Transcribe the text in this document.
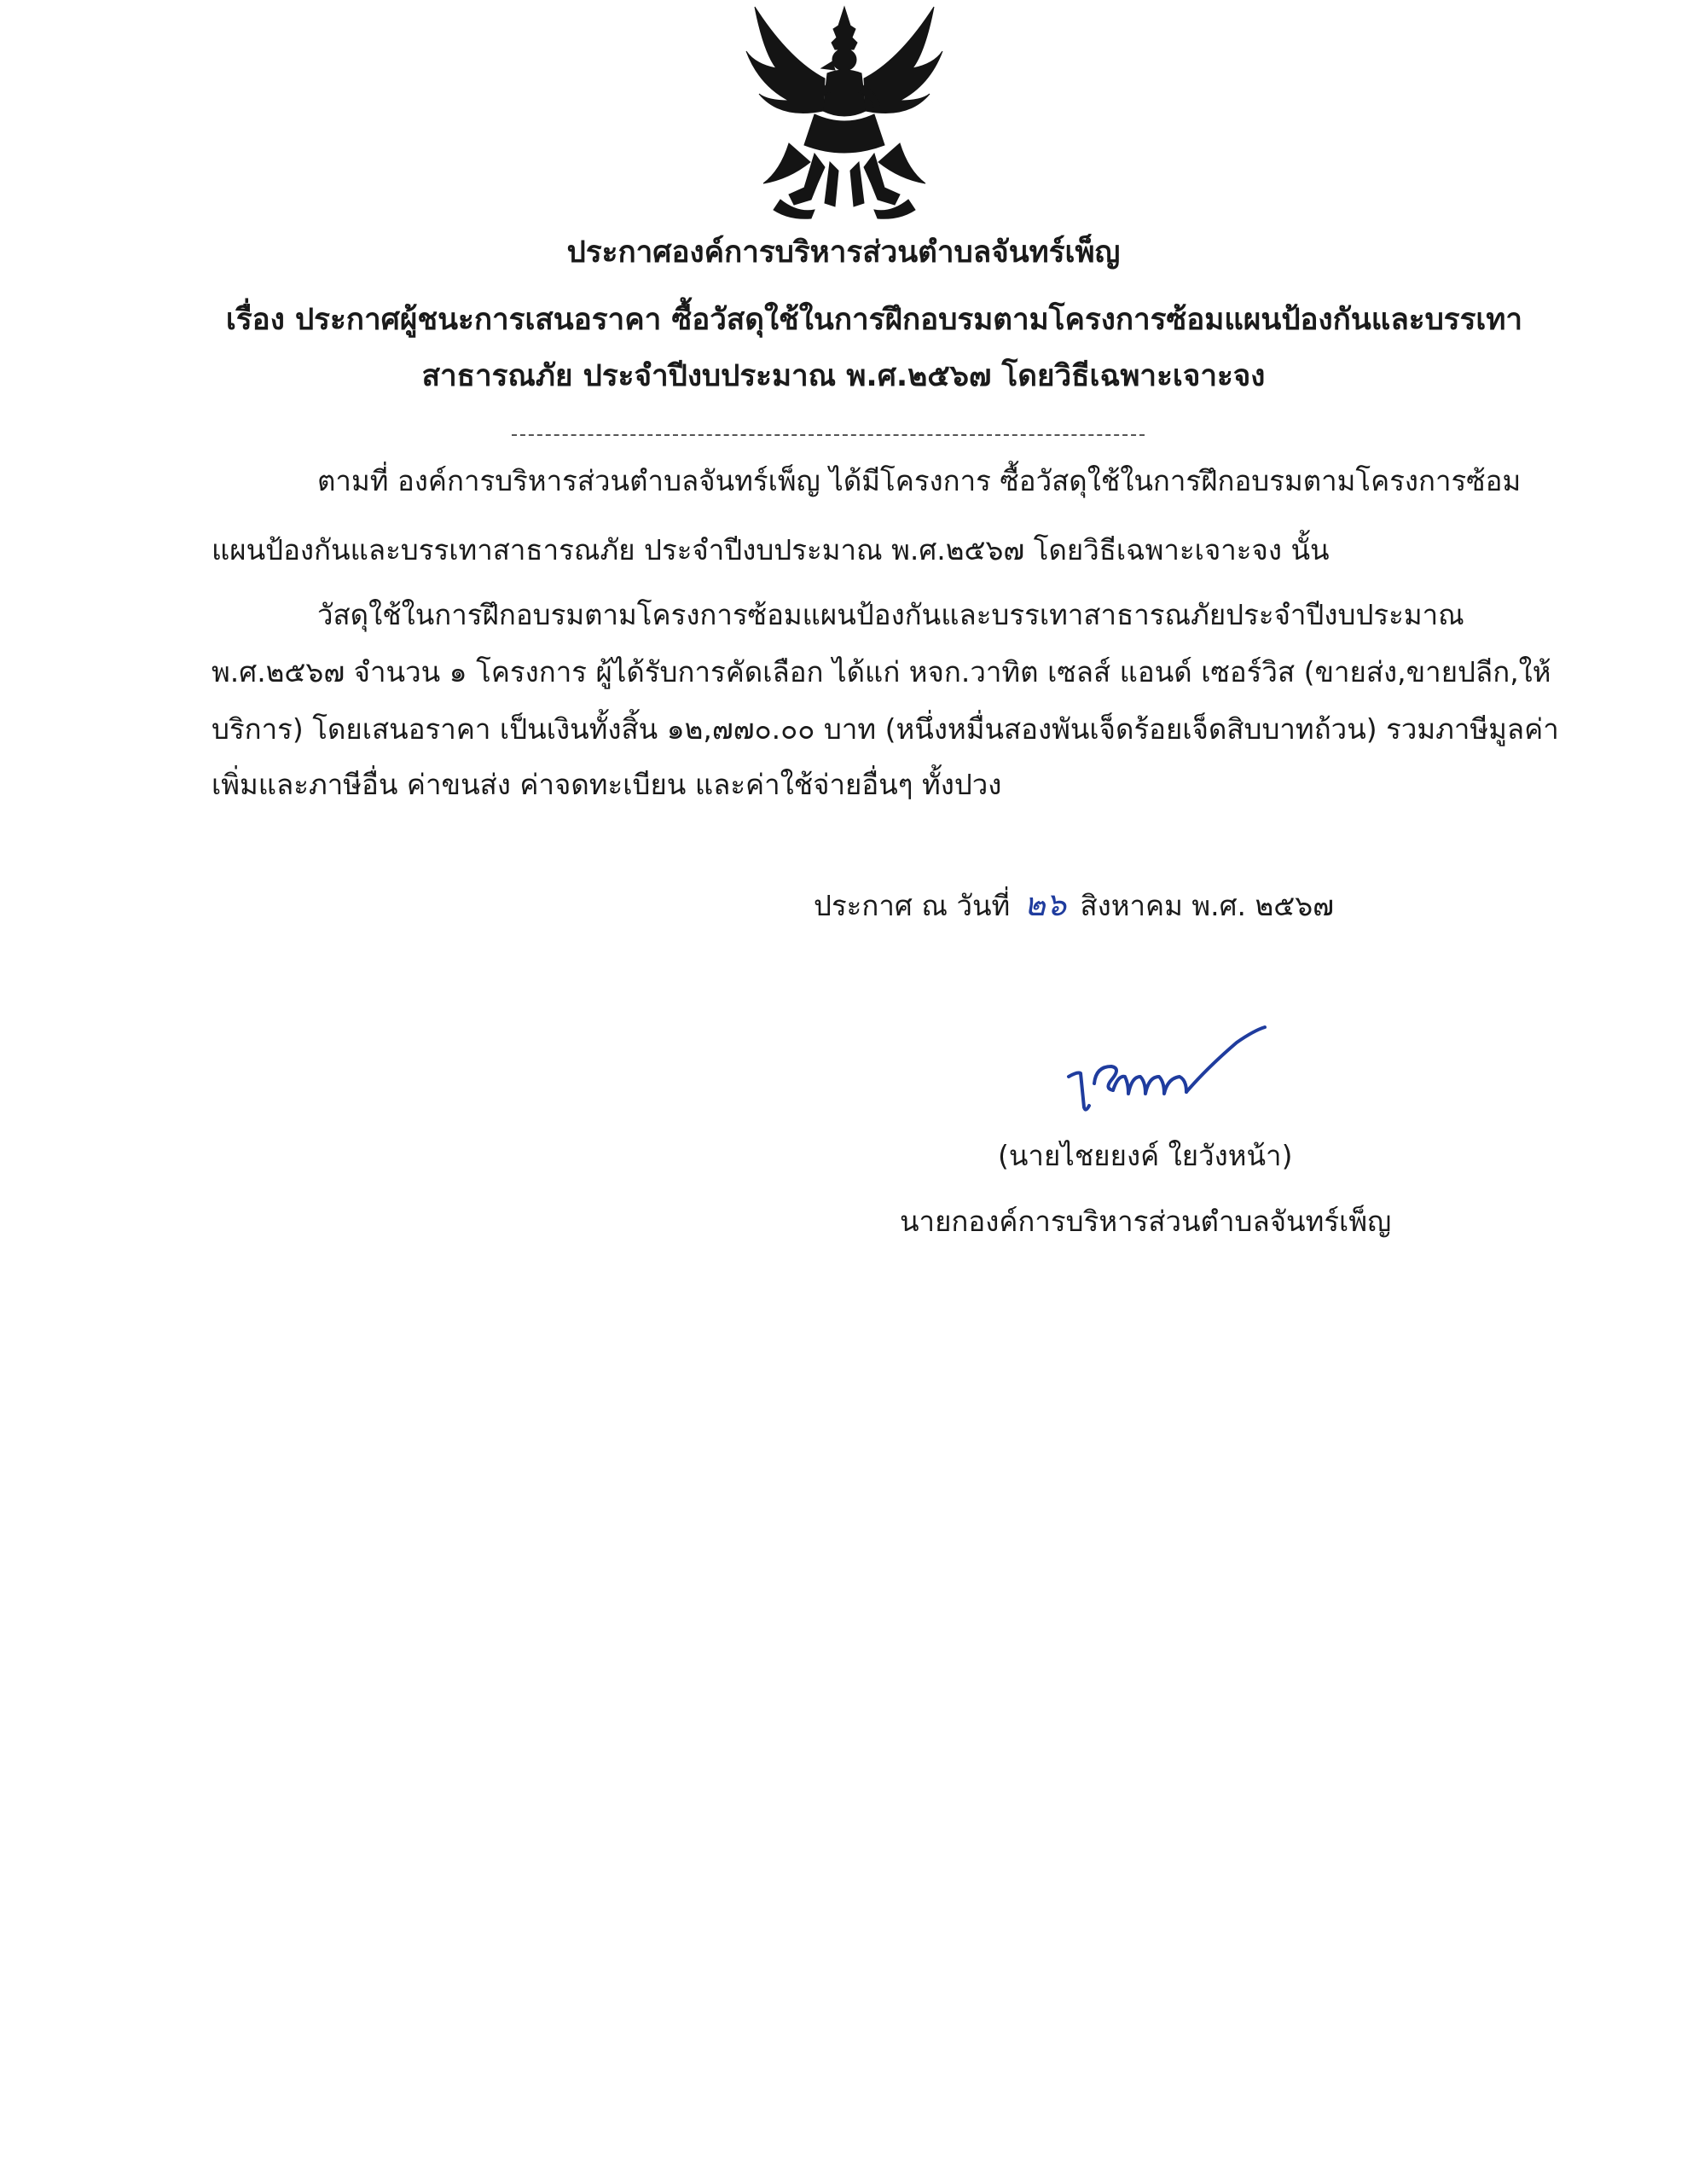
ประกาศองค์การบริหารส่วนตำบลจันทร์เพ็ญ
เรื่อง ประกาศผู้ชนะการเสนอราคา ซื้อวัสดุใช้ในการฝึกอบรมตามโครงการซ้อมแผนป้องกันและบรรเทา
สาธารณภัย ประจำปีงบประมาณ พ.ศ.๒๕๖๗ โดยวิธีเฉพาะเจาะจง
ตามที่ องค์การบริหารส่วนตำบลจันทร์เพ็ญ ได้มีโครงการ ซื้อวัสดุใช้ในการฝึกอบรมตามโครงการซ้อม
แผนป้องกันและบรรเทาสาธารณภัย ประจำปีงบประมาณ พ.ศ.๒๕๖๗ โดยวิธีเฉพาะเจาะจง นั้น
วัสดุใช้ในการฝึกอบรมตามโครงการซ้อมแผนป้องกันและบรรเทาสาธารณภัยประจำปีงบประมาณ
พ.ศ.๒๕๖๗ จำนวน ๑ โครงการ ผู้ได้รับการคัดเลือก ได้แก่ หจก.วาทิต เซลส์ แอนด์ เซอร์วิส (ขายส่ง,ขายปลีก,ให้
บริการ) โดยเสนอราคา เป็นเงินทั้งสิ้น ๑๒,๗๗๐.๐๐ บาท (หนึ่งหมื่นสองพันเจ็ดร้อยเจ็ดสิบบาทถ้วน) รวมภาษีมูลค่า
เพิ่มและภาษีอื่น ค่าขนส่ง ค่าจดทะเบียน และค่าใช้จ่ายอื่นๆ ทั้งปวง
ประกาศ ณ วันที่ ๒๖ สิงหาคม พ.ศ. ๒๕๖๗
(นายไชยยงค์ ใยวังหน้า)
นายกองค์การบริหารส่วนตำบลจันทร์เพ็ญ
